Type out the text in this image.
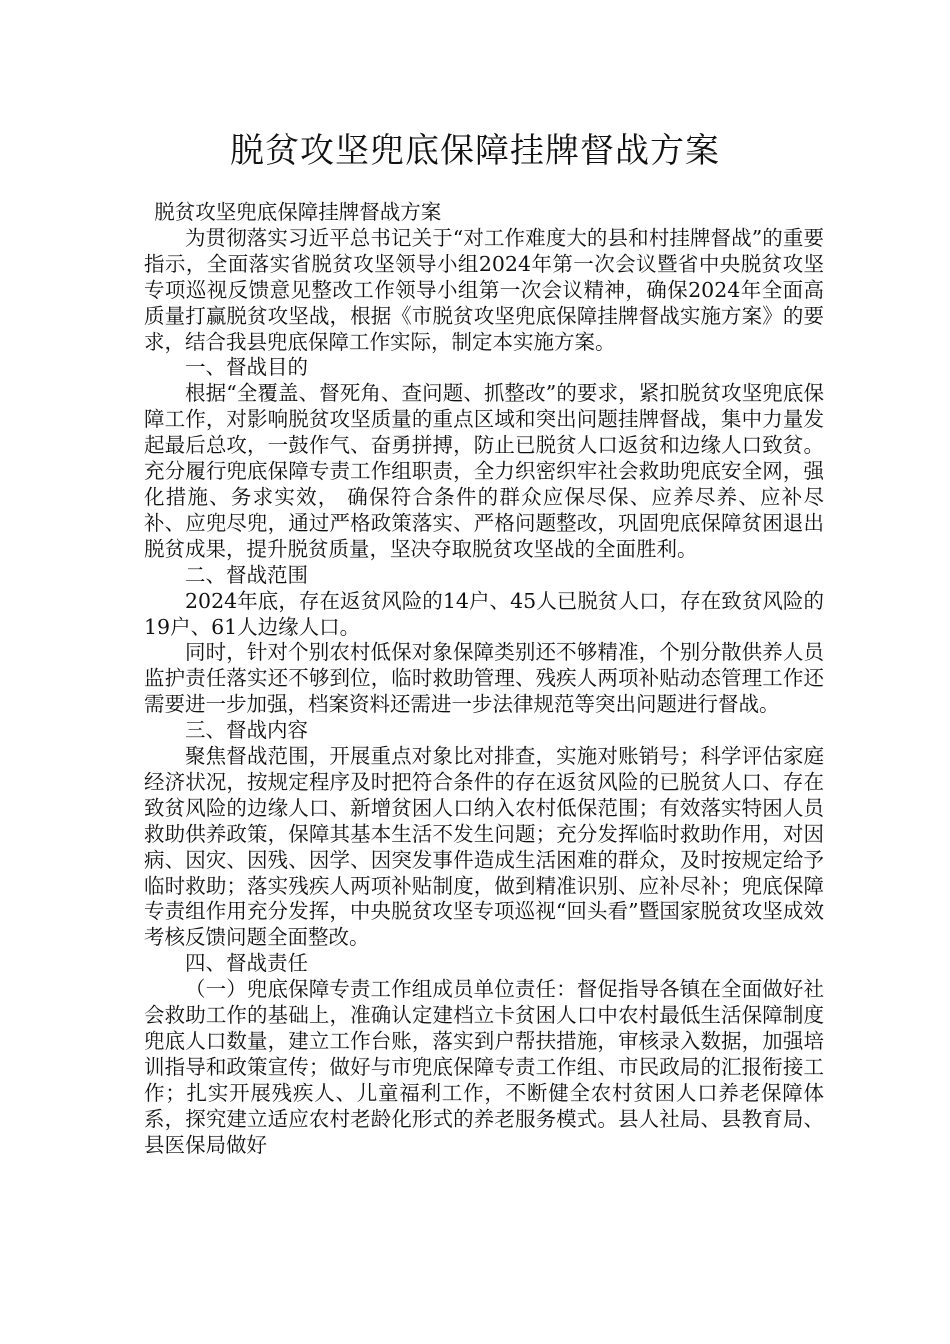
脱贫攻坚兜底保障挂牌督战方案

脱贫攻坚兜底保障挂牌督战方案

为贯彻落实习近平总书记关于“对工作难度大的县和村挂牌督战”的重要指示，全面落实省脱贫攻坚领导小组2024年第一次会议暨省中央脱贫攻坚专项巡视反馈意见整改工作领导小组第一次会议精神，确保2024年全面高质量打赢脱贫攻坚战，根据《市脱贫攻坚兜底保障挂牌督战实施方案》的要求，结合我县兜底保障工作实际，制定本实施方案。

一、督战目的

根据“全覆盖、督死角、查问题、抓整改”的要求，紧扣脱贫攻坚兜底保障工作，对影响脱贫攻坚质量的重点区域和突出问题挂牌督战，集中力量发起最后总攻，一鼓作气、奋勇拼搏，防止已脱贫人口返贫和边缘人口致贫。充分履行兜底保障专责工作组职责，全力织密织牢社会救助兜底安全网，强化措施、务求实效， 确保符合条件的群众应保尽保、应养尽养、应补尽补、应兜尽兜，通过严格政策落实、严格问题整改，巩固兜底保障贫困退出脱贫成果，提升脱贫质量，坚决夺取脱贫攻坚战的全面胜利。

二、督战范围

2024年底，存在返贫风险的14户、45人已脱贫人口，存在致贫风险的19户、61人边缘人口。

同时，针对个别农村低保对象保障类别还不够精准，个别分散供养人员监护责任落实还不够到位，临时救助管理、残疾人两项补贴动态管理工作还需要进一步加强，档案资料还需进一步法律规范等突出问题进行督战。

三、督战内容

聚焦督战范围，开展重点对象比对排查，实施对账销号；科学评估家庭经济状况，按规定程序及时把符合条件的存在返贫风险的已脱贫人口、存在致贫风险的边缘人口、新增贫困人口纳入农村低保范围；有效落实特困人员救助供养政策，保障其基本生活不发生问题；充分发挥临时救助作用，对因病、因灾、因残、因学、因突发事件造成生活困难的群众，及时按规定给予临时救助；落实残疾人两项补贴制度，做到精准识别、应补尽补；兜底保障专责组作用充分发挥，中央脱贫攻坚专项巡视“回头看”暨国家脱贫攻坚成效考核反馈问题全面整改。

四、督战责任

（一）兜底保障专责工作组成员单位责任：督促指导各镇在全面做好社会救助工作的基础上，准确认定建档立卡贫困人口中农村最低生活保障制度兜底人口数量，建立工作台账，落实到户帮扶措施，审核录入数据，加强培训指导和政策宣传；做好与市兜底保障专责工作组、市民政局的汇报衔接工作；扎实开展残疾人、儿童福利工作，不断健全农村贫困人口养老保障体系，探究建立适应农村老龄化形式的养老服务模式。县人社局、县教育局、县医保局做好
